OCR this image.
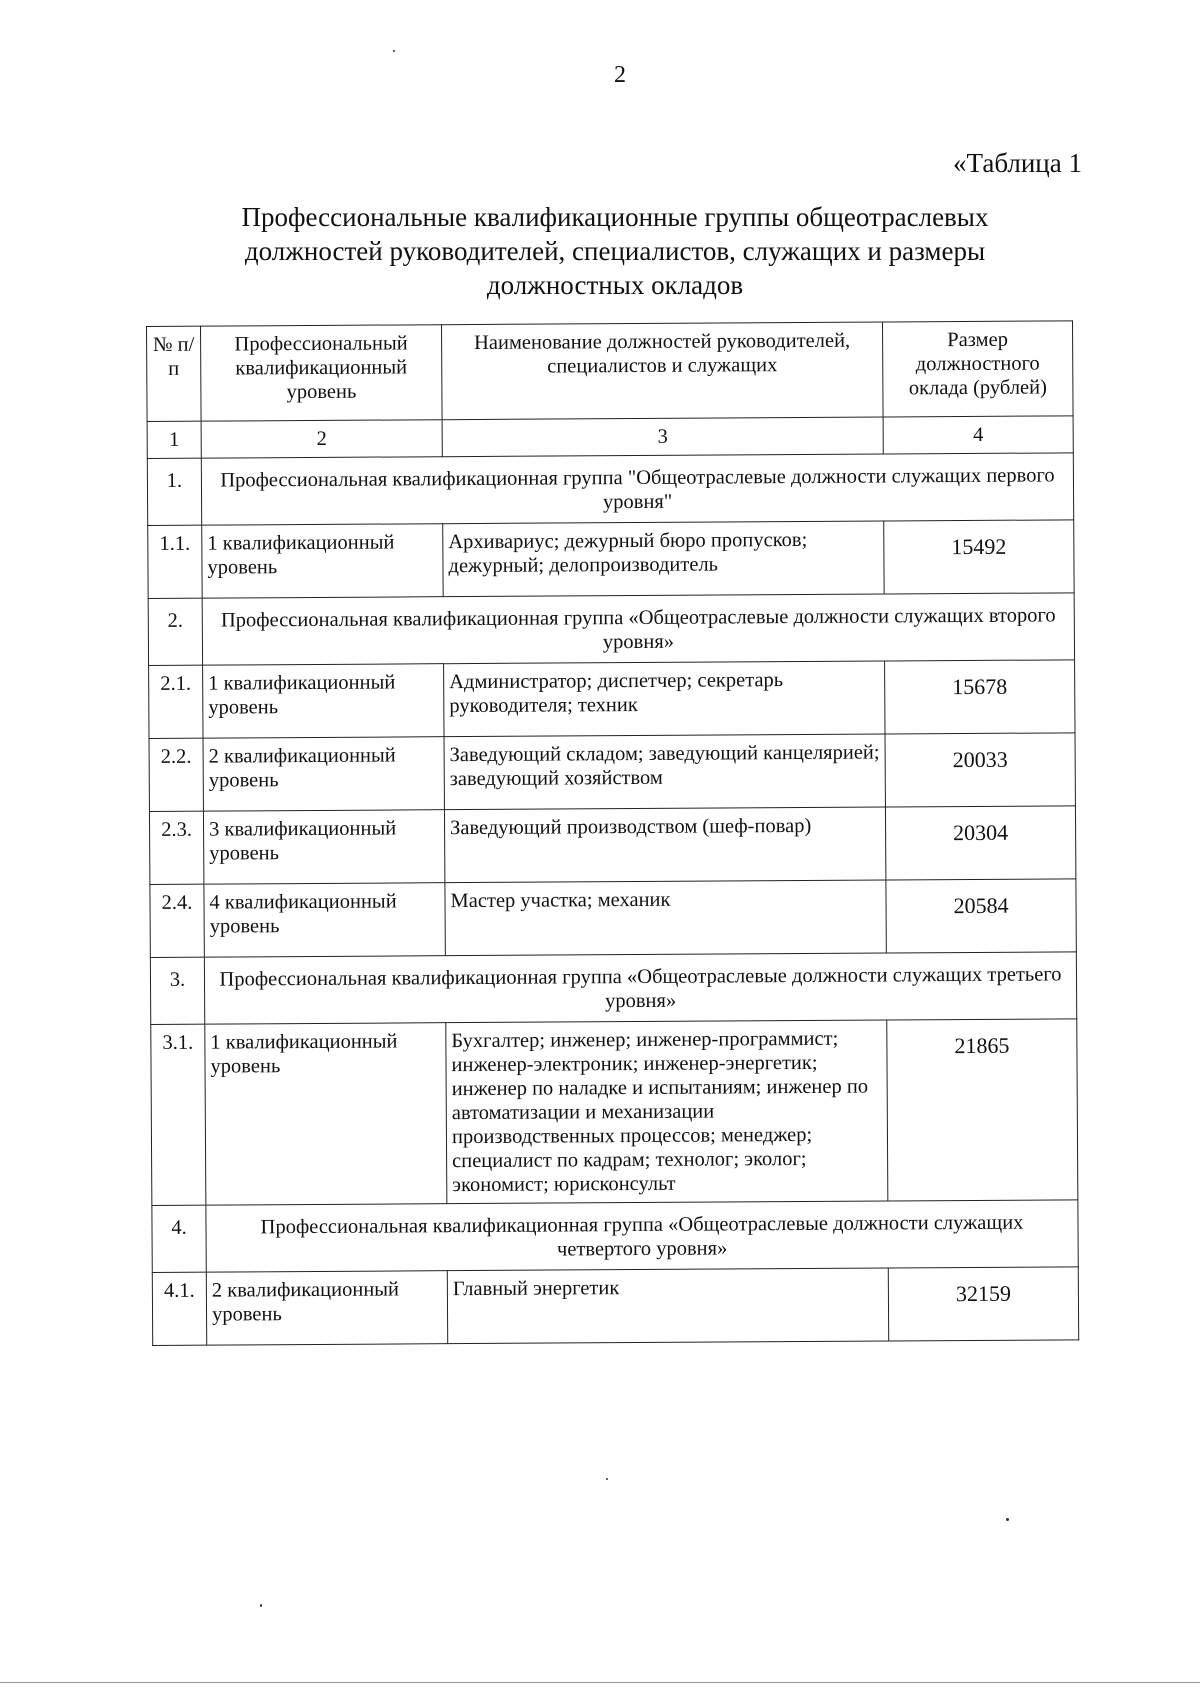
2
«Таблица 1
Профессиональные квалификационные группы общеотраслевых
должностей руководителей, специалистов, служащих и размеры
должностных окладов
№ п/п	Профессиональный квалификационный уровень	Наименование должностей руководителей, специалистов и служащих	Размер должностного оклада (рублей)
1	2	3	4
1.	Профессиональная квалификационная группа "Общеотраслевые должности служащих первого уровня"		
1.1.	1 квалификационный уровень	Архивариус; дежурный бюро пропусков; дежурный; делопроизводитель	15492
2.	Профессиональная квалификационная группа «Общеотраслевые должности служащих второго уровня»		
2.1.	1 квалификационный уровень	Администратор; диспетчер; секретарь руководителя; техник	15678
2.2.	2 квалификационный уровень	Заведующий складом; заведующий канцелярией; заведующий хозяйством	20033
2.3.	3 квалификационный уровень	Заведующий производством (шеф-повар)	20304
2.4.	4 квалификационный уровень	Мастер участка; механик	20584
3.	Профессиональная квалификационная группа «Общеотраслевые должности служащих третьего уровня»		
3.1.	1 квалификационный уровень	Бухгалтер; инженер; инженер-программист; инженер-электроник; инженер-энергетик; инженер по наладке и испытаниям; инженер по автоматизации и механизации производственных процессов; менеджер; специалист по кадрам; технолог; эколог; экономист; юрисконсульт	21865
4.	Профессиональная квалификационная группа «Общеотраслевые должности служащих четвертого уровня»		
4.1.	2 квалификационный уровень	Главный энергетик	32159
